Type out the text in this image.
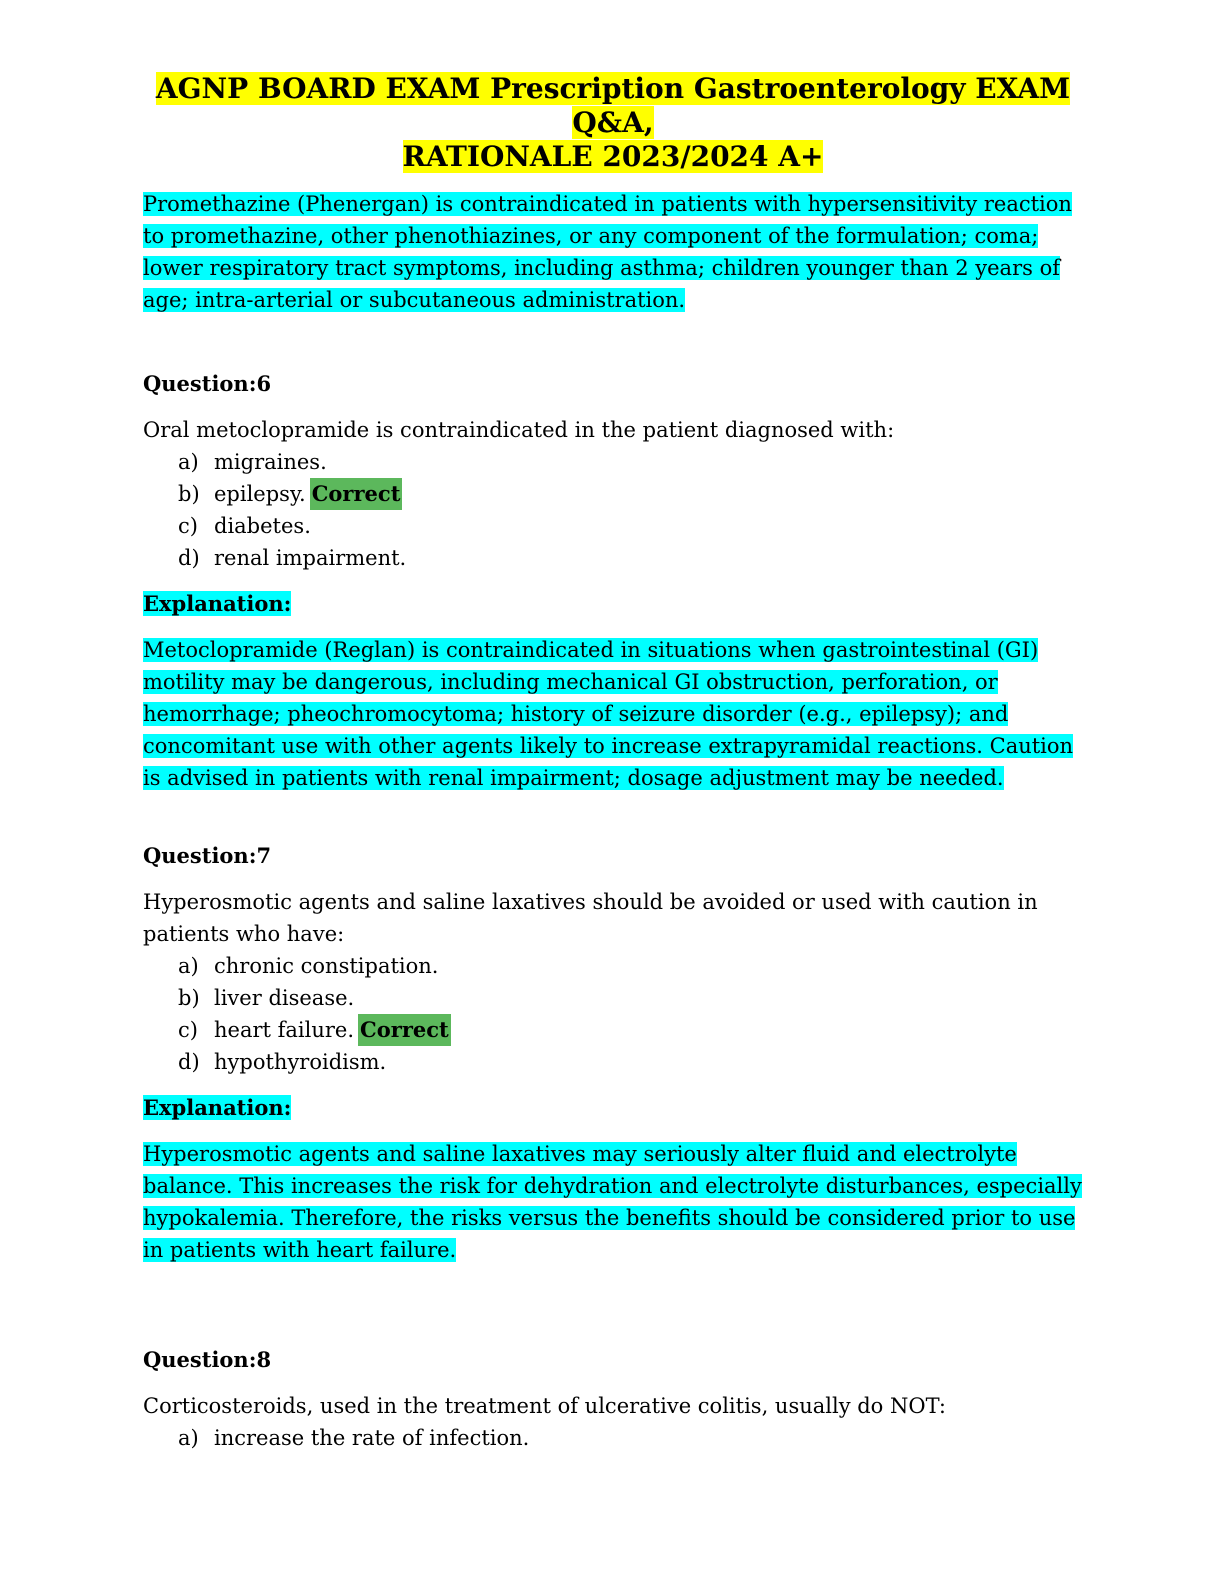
AGNP BOARD EXAM Prescription Gastroenterology EXAM Q&A,
RATIONALE 2023/2024 A+

Promethazine (Phenergan) is contraindicated in patients with hypersensitivity reaction to promethazine, other phenothiazines, or any component of the formulation; coma; lower respiratory tract symptoms, including asthma; children younger than 2 years of age; intra-arterial or subcutaneous administration.

Question:6

Oral metoclopramide is contraindicated in the patient diagnosed with:

a) migraines.
b) epilepsy. Correct
c) diabetes.
d) renal impairment.

Explanation:

Metoclopramide (Reglan) is contraindicated in situations when gastrointestinal (GI) motility may be dangerous, including mechanical GI obstruction, perforation, or hemorrhage; pheochromocytoma; history of seizure disorder (e.g., epilepsy); and concomitant use with other agents likely to increase extrapyramidal reactions. Caution is advised in patients with renal impairment; dosage adjustment may be needed.

Question:7

Hyperosmotic agents and saline laxatives should be avoided or used with caution in patients who have:

a) chronic constipation.
b) liver disease.
c) heart failure. Correct
d) hypothyroidism.

Explanation:

Hyperosmotic agents and saline laxatives may seriously alter fluid and electrolyte balance. This increases the risk for dehydration and electrolyte disturbances, especially hypokalemia. Therefore, the risks versus the benefits should be considered prior to use in patients with heart failure.

Question:8

Corticosteroids, used in the treatment of ulcerative colitis, usually do NOT:

a) increase the rate of infection.
